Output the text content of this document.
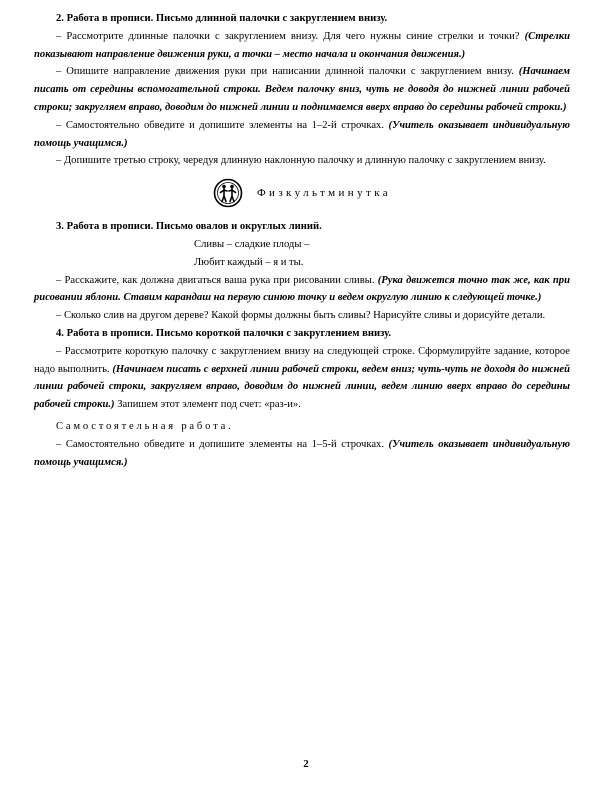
2. Работа в прописи. Письмо длинной палочки с закруглением внизу.

– Рассмотрите длинные палочки с закруглением внизу. Для чего нужны синие стрелки и точки? (Стрелки показывают направление движения руки, а точки – место начала и окончания движения.)

– Опишите направление движения руки при написании длинной палочки с закруглением внизу. (Начинаем писать от середины вспомогательной строки. Ведем палочку вниз, чуть не доводя до нижней линии рабочей строки; закругляем вправо, доводим до нижней линии и поднимаемся вверх вправо до середины рабочей строки.)

– Самостоятельно обведите и допишите элементы на 1–2-й строчках. (Учитель оказывает индивидуальную помощь учащимся.)

– Допишите третью строку, чередуя длинную наклонную палочку и длинную палочку с закруглением внизу.

Физкультминутка

3. Работа в прописи. Письмо овалов и округлых линий.

Сливы – сладкие плоды –

Любит каждый – я и ты.

– Расскажите, как должна двигаться ваша рука при рисовании сливы. (Рука движется точно так же, как при рисовании яблони. Ставим карандаш на первую синюю точку и ведем округлую линию к следующей точке.)

– Сколько слив на другом дереве? Какой формы должны быть сливы? Нарисуйте сливы и дорисуйте детали.

4. Работа в прописи. Письмо короткой палочки с закруглением внизу.

– Рассмотрите короткую палочку с закруглением внизу на следующей строке. Сформулируйте задание, которое надо выполнить. (Начинаем писать с верхней линии рабочей строки, ведем вниз; чуть-чуть не доходя до нижней линии рабочей строки, закругляем вправо, доводим до нижней линии, ведем линию вверх вправо до середины рабочей строки.) Запишем этот элемент под счет: «раз-и».

Самостоятельная работа.

– Самостоятельно обведите и допишите элементы на 1–5-й строчках. (Учитель оказывает индивидуальную помощь учащимся.)

2
